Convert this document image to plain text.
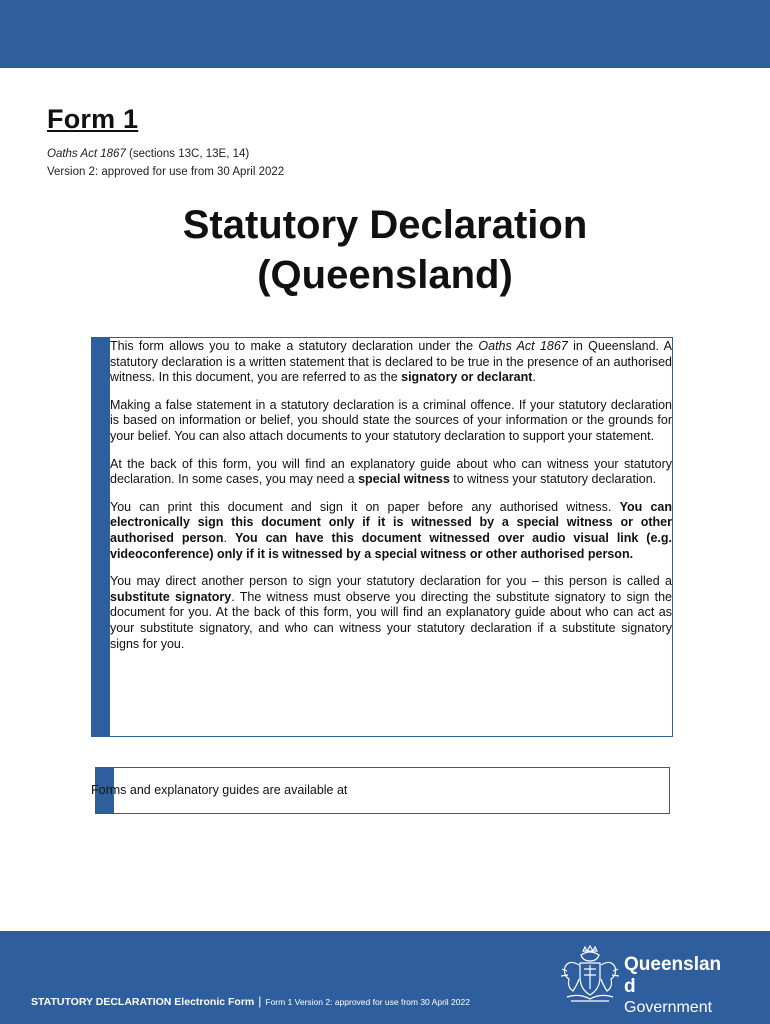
Form 1
Oaths Act 1867 (sections 13C, 13E, 14)
Version 2: approved for use from 30 April 2022
Statutory Declaration
(Queensland)

This form allows you to make a statutory declaration under the Oaths Act 1867 in Queensland. A statutory declaration is a written statement that is declared to be true in the presence of an authorised witness. In this document, you are referred to as the signatory or declarant.

Making a false statement in a statutory declaration is a criminal offence. If your statutory declaration is based on information or belief, you should state the sources of your information or the grounds for your belief. You can also attach documents to your statutory declaration to support your statement.

At the back of this form, you will find an explanatory guide about who can witness your statutory declaration. In some cases, you may need a special witness to witness your statutory declaration.

You can print this document and sign it on paper before any authorised witness. You can electronically sign this document only if it is witnessed by a special witness or other authorised person. You can have this document witnessed over audio visual link (e.g. videoconference) only if it is witnessed by a special witness or other authorised person.

You may direct another person to sign your statutory declaration for you – this person is called a substitute signatory. The witness must observe you directing the substitute signatory to sign the document for you. At the back of this form, you will find an explanatory guide about who can act as your substitute signatory, and who can witness your statutory declaration if a substitute signatory signs for you.

Forms and explanatory guides are available at
STATUTORY DECLARATION Electronic Form | Form 1 Version 2: approved for use from 30 April 2022
Queensland
Government
